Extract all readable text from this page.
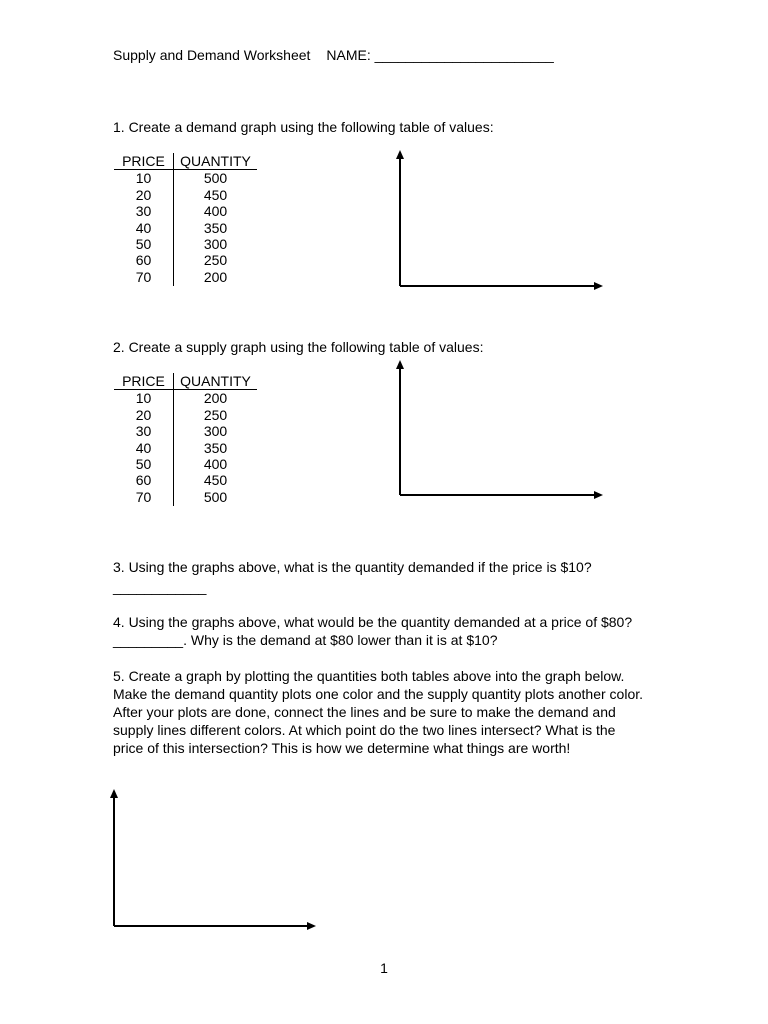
Supply and Demand Worksheet NAME: _______________________
1. Create a demand graph using the following table of values:
PRICE	QUANTITY
10	500
20	450
30	400
40	350
50	300
60	250
70	200
2. Create a supply graph using the following table of values:
PRICE	QUANTITY
10	200
20	250
30	300
40	350
50	400
60	450
70	500
3. Using the graphs above, what is the quantity demanded if the price is $10?
____________
4. Using the graphs above, what would be the quantity demanded at a price of $80? _________. Why is the demand at $80 lower than it is at $10?
5. Create a graph by plotting the quantities both tables above into the graph below. Make the demand quantity plots one color and the supply quantity plots another color. After your plots are done, connect the lines and be sure to make the demand and supply lines different colors. At which point do the two lines intersect? What is the price of this intersection? This is how we determine what things are worth!
1
